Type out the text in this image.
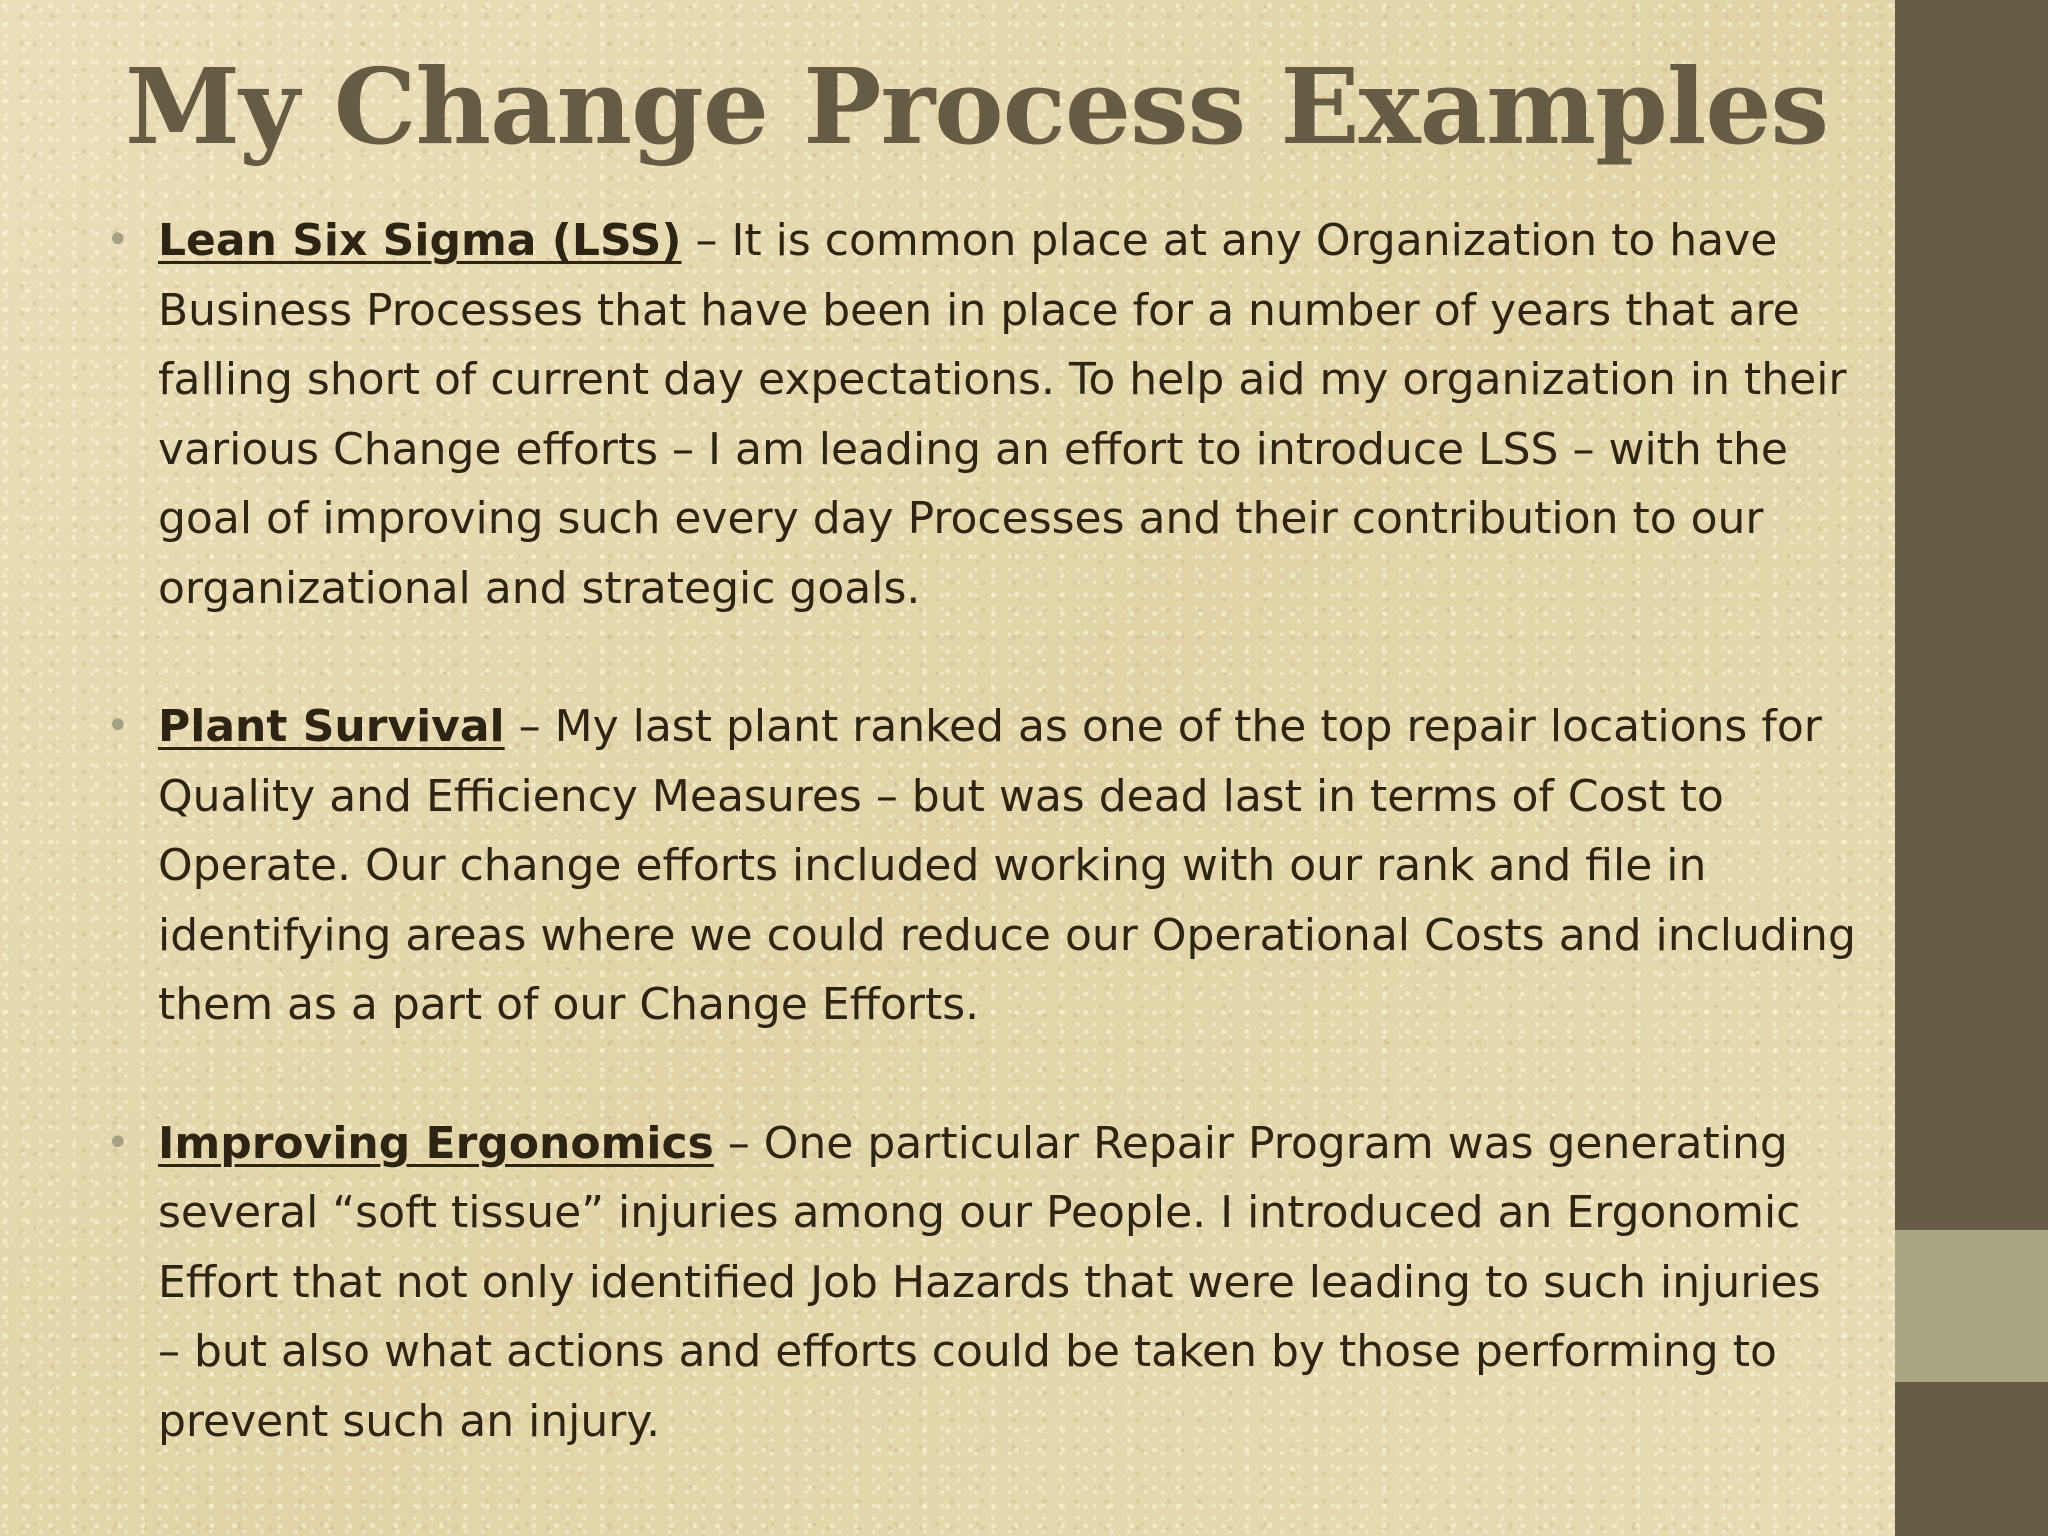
My Change Process Examples
• Lean Six Sigma (LSS) – It is common place at any Organization to have Business Processes that have been in place for a number of years that are falling short of current day expectations. To help aid my organization in their various Change efforts – I am leading an effort to introduce LSS – with the goal of improving such every day Processes and their contribution to our organizational and strategic goals.
• Plant Survival – My last plant ranked as one of the top repair locations for Quality and Efficiency Measures – but was dead last in terms of Cost to Operate. Our change efforts included working with our rank and file in identifying areas where we could reduce our Operational Costs and including them as a part of our Change Efforts.
• Improving Ergonomics – One particular Repair Program was generating several “soft tissue” injuries among our People. I introduced an Ergonomic Effort that not only identified Job Hazards that were leading to such injuries – but also what actions and efforts could be taken by those performing to prevent such an injury.
